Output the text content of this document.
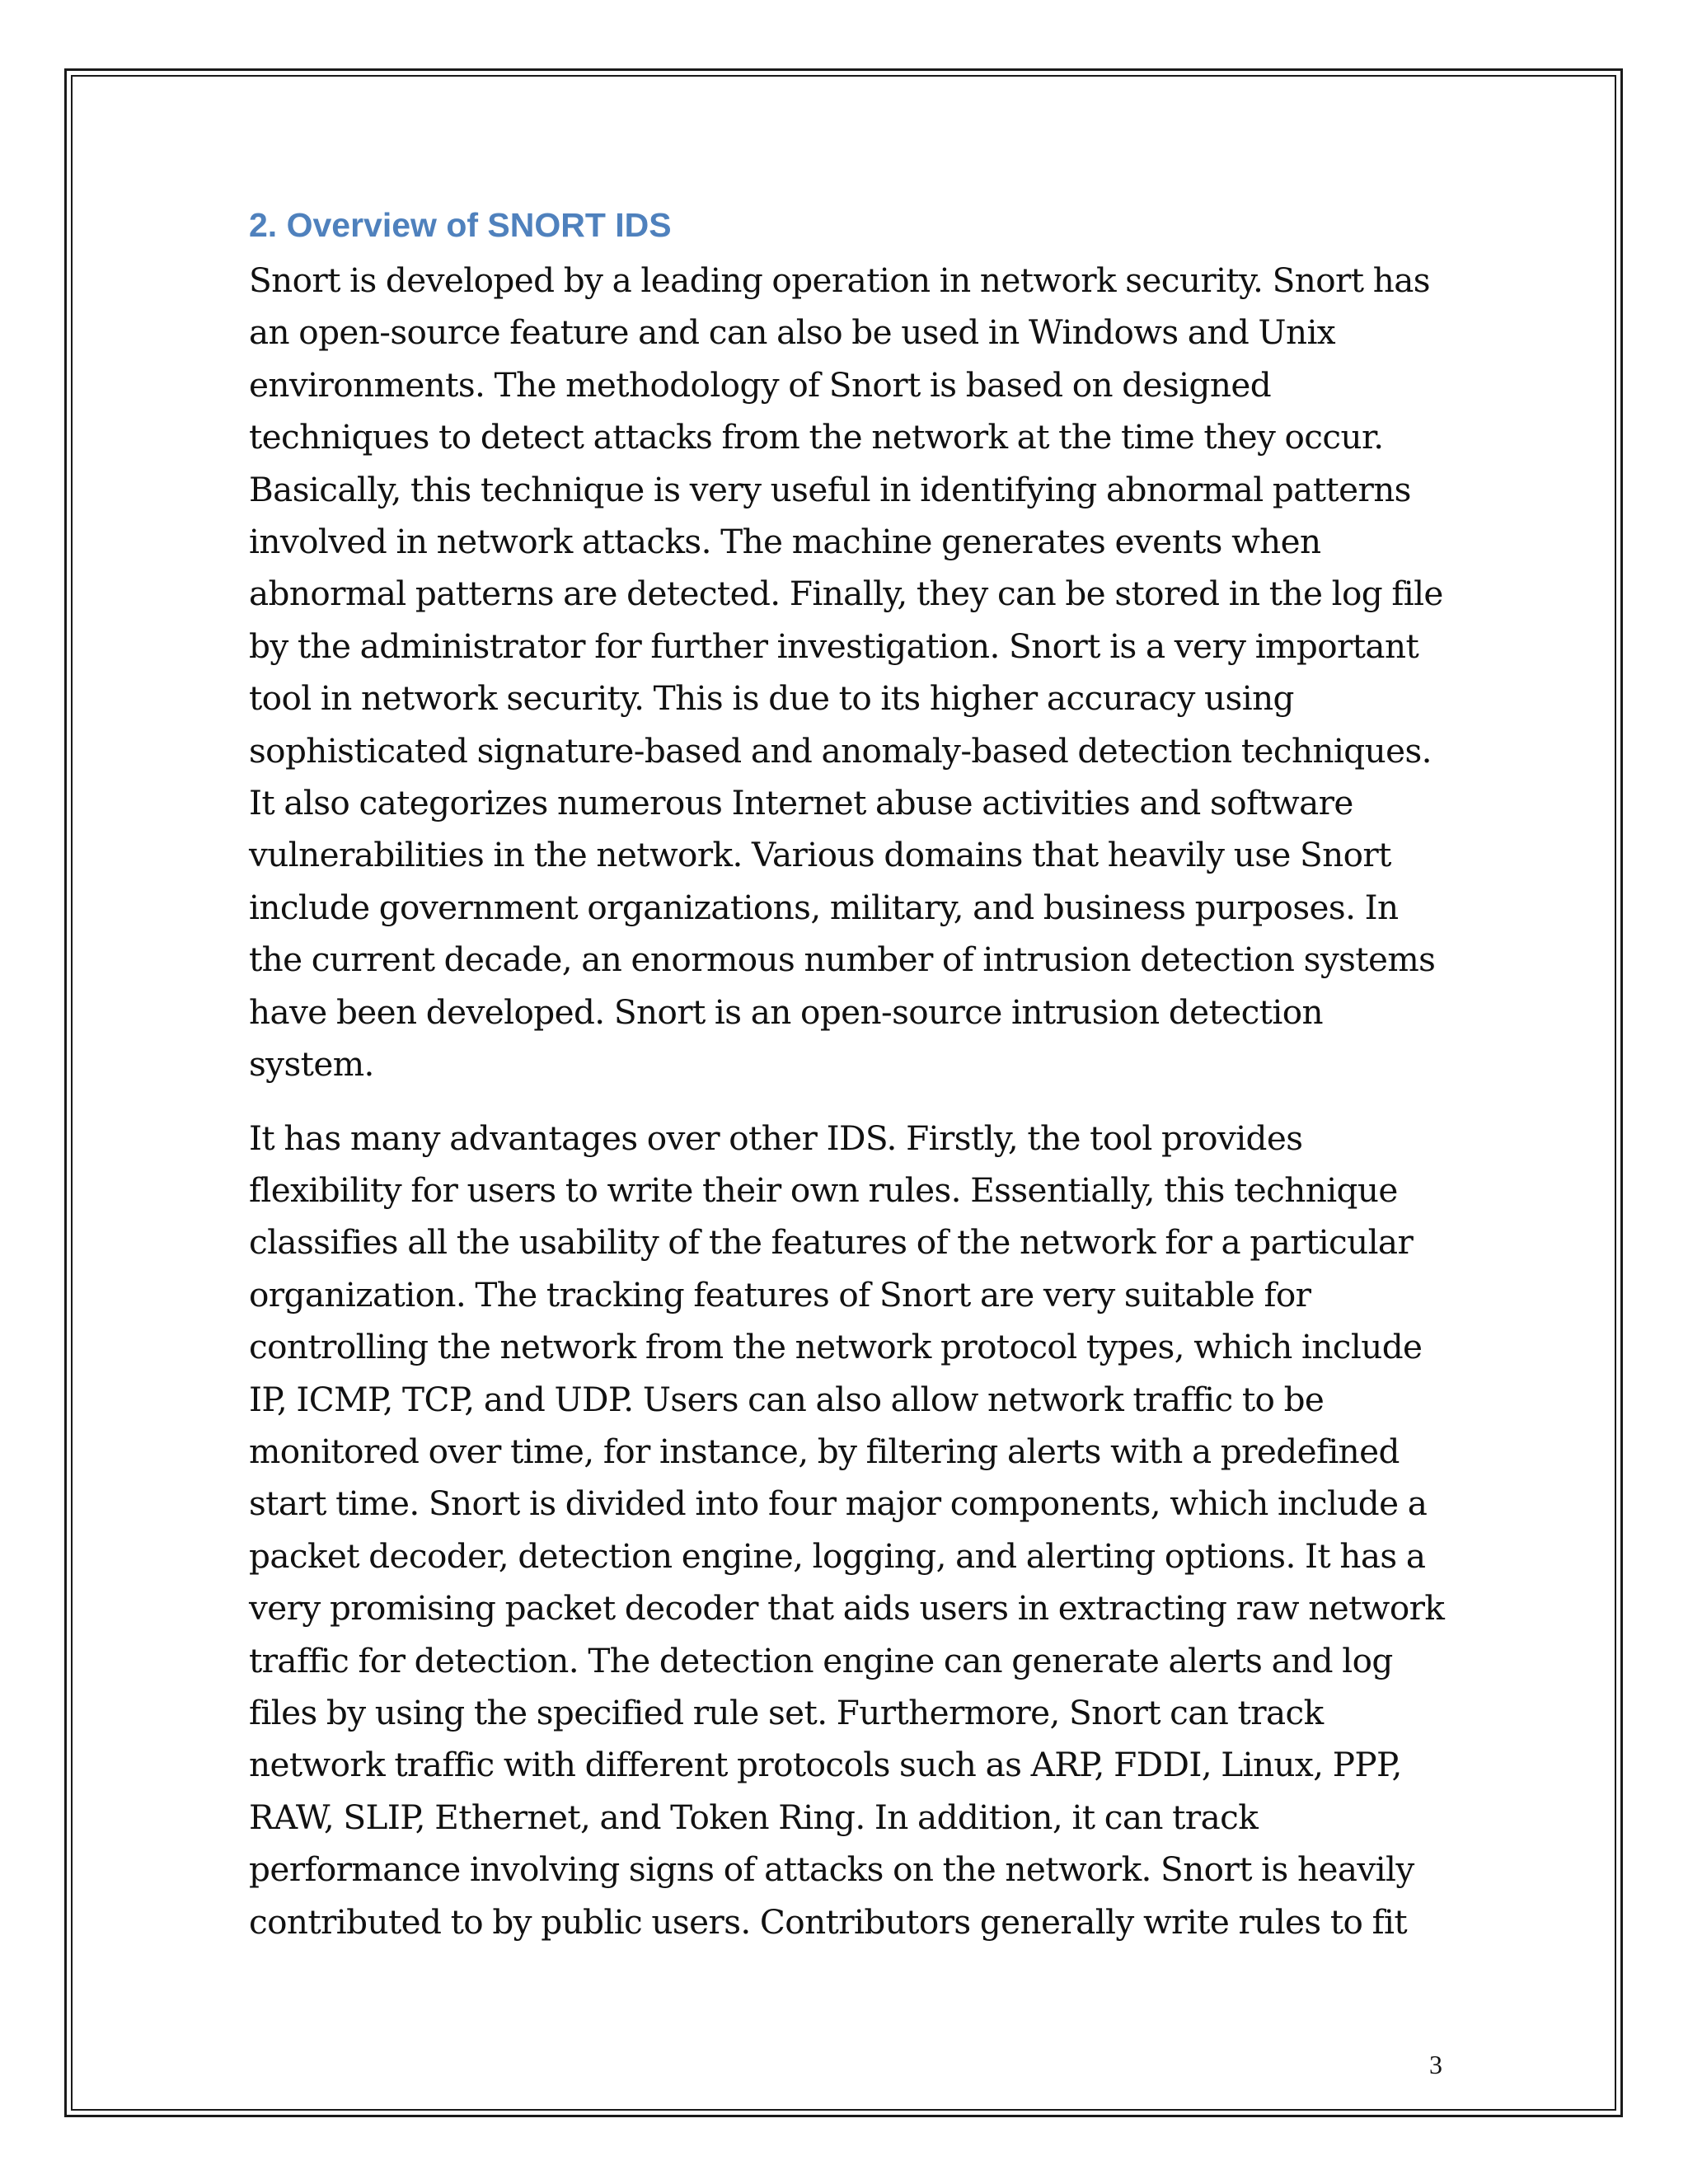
2. Overview of SNORT IDS

Snort is developed by a leading operation in network security. Snort has an open-source feature and can also be used in Windows and Unix environments. The methodology of Snort is based on designed techniques to detect attacks from the network at the time they occur. Basically, this technique is very useful in identifying abnormal patterns involved in network attacks. The machine generates events when abnormal patterns are detected. Finally, they can be stored in the log file by the administrator for further investigation. Snort is a very important tool in network security. This is due to its higher accuracy using sophisticated signature-based and anomaly-based detection techniques. It also categorizes numerous Internet abuse activities and software vulnerabilities in the network. Various domains that heavily use Snort include government organizations, military, and business purposes. In the current decade, an enormous number of intrusion detection systems have been developed. Snort is an open-source intrusion detection system.

It has many advantages over other IDS. Firstly, the tool provides flexibility for users to write their own rules. Essentially, this technique classifies all the usability of the features of the network for a particular organization. The tracking features of Snort are very suitable for controlling the network from the network protocol types, which include IP, ICMP, TCP, and UDP. Users can also allow network traffic to be monitored over time, for instance, by filtering alerts with a predefined start time. Snort is divided into four major components, which include a packet decoder, detection engine, logging, and alerting options. It has a very promising packet decoder that aids users in extracting raw network traffic for detection. The detection engine can generate alerts and log files by using the specified rule set. Furthermore, Snort can track network traffic with different protocols such as ARP, FDDI, Linux, PPP, RAW, SLIP, Ethernet, and Token Ring. In addition, it can track performance involving signs of attacks on the network. Snort is heavily contributed to by public users. Contributors generally write rules to fit

3
